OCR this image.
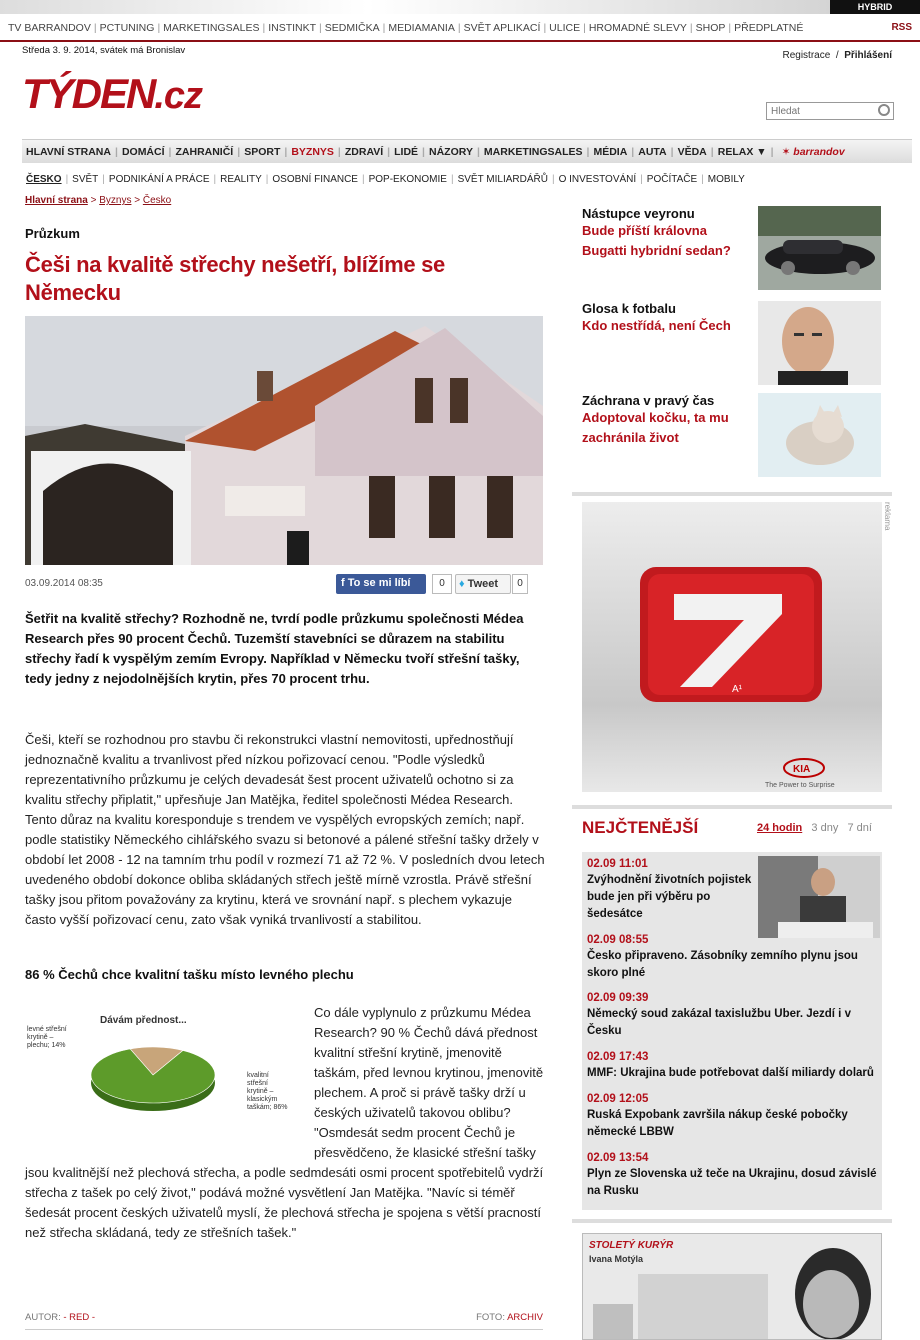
HYBRID
TV BARRANDOV | PCTUNING | MARKETINGSALES | INSTINKT | SEDMIČKA | MEDIAMANIA | SVĚT APLIKACÍ | ULICE | HROMADNÉ SLEVY | SHOP | PŘEDPLATNÉ	RSS
Středa 3. 9. 2014, svátek má Bronislav	Registrace / Přihlášení
TÝDEN.cz
Hledat
HLAVNÍ STRANA | DOMÁCÍ | ZAHRANIČÍ | SPORT | BYZNYS | ZDRAVÍ | LIDÉ | NÁZORY | MARKETINGSALES | MÉDIA | AUTA | VĚDA | RELAX ▼ | ✶ barrandov
ČESKO | SVĚT | PODNIKÁNÍ A PRÁCE | REALITY | OSOBNÍ FINANCE | POP-EKONOMIE | SVĚT MILIARDÁŘŮ | O INVESTOVÁNÍ | POČÍTAČE | MOBILY
Hlavní strana > Byznys > Česko
Průzkum
Češi na kvalitě střechy nešetří, blížíme se Německu
03.09.2014 08:35	f To se mi líbí	0	♦ Tweet	0

Šetřit na kvalitě střechy? Rozhodně ne, tvrdí podle průzkumu společnosti Médea Research přes 90 procent Čechů. Tuzemští stavebníci se důrazem na stabilitu střechy řadí k vyspělým zemím Evropy. Například v Německu tvoří střešní tašky, tedy jedny z nejodolnějších krytin, přes 70 procent trhu.

Češi, kteří se rozhodnou pro stavbu či rekonstrukci vlastní nemovitosti, upřednostňují jednoznačně kvalitu a trvanlivost před nízkou pořizovací cenou. "Podle výsledků reprezentativního průzkumu je celých devadesát šest procent uživatelů ochotno si za kvalitu střechy připlatit," upřesňuje Jan Matějka, ředitel společnosti Médea Research. Tento důraz na kvalitu koresponduje s trendem ve vyspělých evropských zemích; např. podle statistiky Německého cihlářského svazu si betonové a pálené střešní tašky držely v období let 2008 - 12 na tamním trhu podíl v rozmezí 71 až 72 %. V posledních dvou letech uvedeného období dokonce obliba skládaných střech ještě mírně vzrostla. Právě střešní tašky jsou přitom považovány za krytinu, která ve srovnání např. s plechem vykazuje často vyšší pořizovací cenu, zato však vyniká trvanlivostí a stabilitou.

86 % Čechů chce kvalitní tašku místo levného plechu
Dávám přednost...
levné střešní krytině – plechu; 14%
kvalitní střešní krytině – klasickým taškám; 86%

Co dále vyplynulo z průzkumu Médea Research? 90 % Čechů dává přednost kvalitní střešní krytině, jmenovitě taškám, před levnou krytinou, jmenovitě plechem. A proč si právě tašky drží u českých uživatelů takovou oblibu? "Osmdesát sedm procent Čechů je

přesvědčeno, že klasické střešní tašky jsou kvalitnější než plechová střecha, a podle sedmdesáti osmi procent spotřebitelů vydrží střecha z tašek po celý život," podává možné vysvětlení Jan Matějka. "Navíc si téměř šedesát procent českých uživatelů myslí, že plechová střecha je spojena s větší pracností než střecha skládaná, tedy ze střešních tašek."

AUTOR: - RED -	FOTO: ARCHIV
Nástupce veyronu
Bude příští královna Bugatti hybridní sedan?
Glosa k fotbalu
Kdo nestřídá, není Čech
Záchrana v pravý čas
Adoptoval kočku, ta mu zachránila život
A¹
KIA
The Power to Surprise
reklama
NEJČTENĚJŠÍ	24 hodin 3 dny 7 dní
02.09 11:01
Zvýhodnění životních pojistek bude jen při výběru po šedesátce
02.09 08:55
Česko připraveno. Zásobníky zemního plynu jsou skoro plné
02.09 09:39
Německý soud zakázal taxislužbu Uber. Jezdí i v Česku
02.09 17:43
MMF: Ukrajina bude potřebovat další miliardy dolarů
02.09 12:05
Ruská Expobank završila nákup české pobočky německé LBBW
02.09 13:54
Plyn ze Slovenska už teče na Ukrajinu, dosud závislé na Rusku
STOLETÝ KURÝR
Ivana Motýla
